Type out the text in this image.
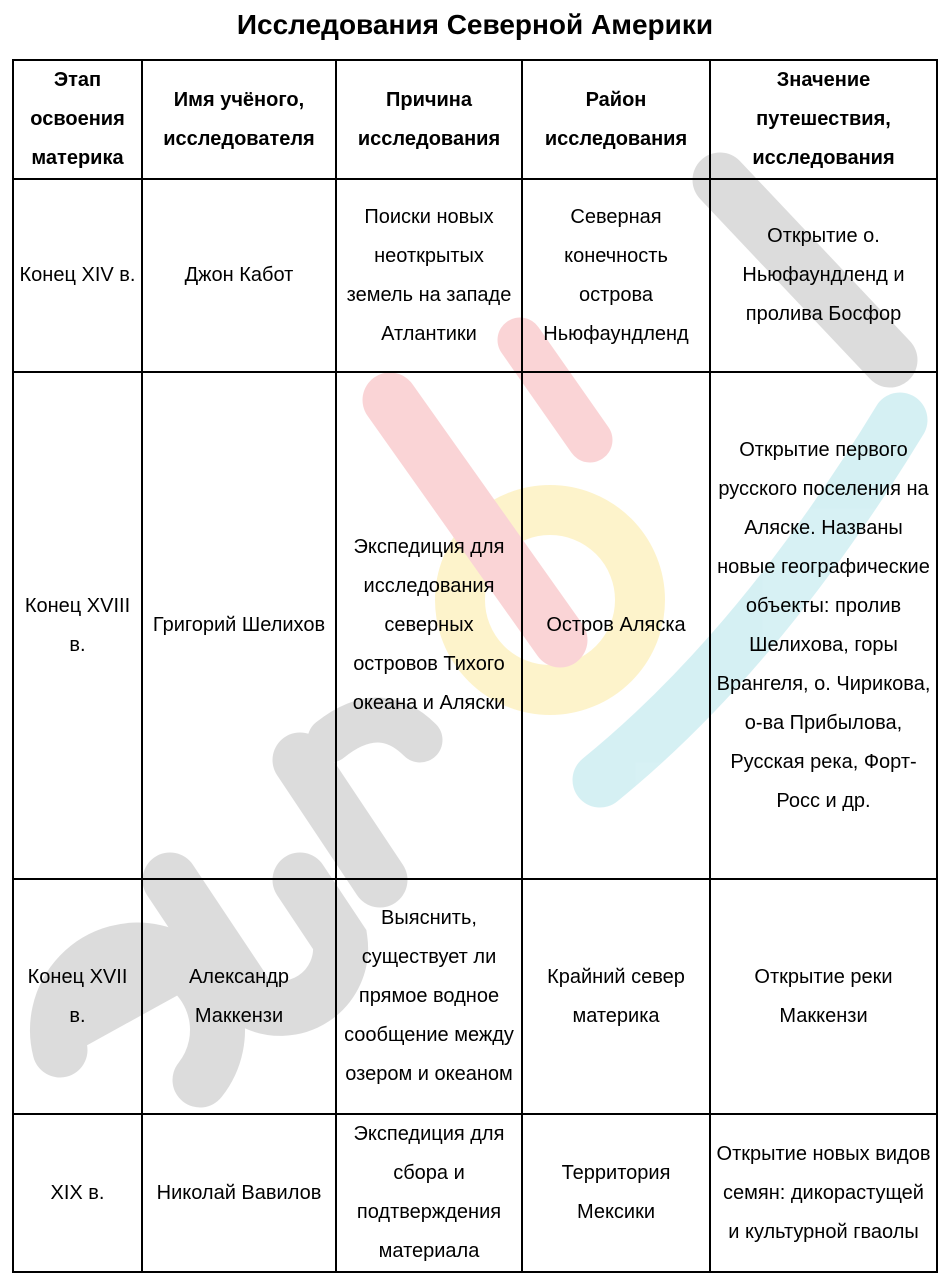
Исследования Северной Америки
Этап освоения материка	Имя учёного, исследователя	Причина исследования	Район исследования	Значение путешествия, исследования
Конец XIV в.	Джон Кабот	Поиски новых неоткрытых земель на западе Атлантики	Северная конечность острова Ньюфаундленд	Открытие о. Ньюфаундленд и пролива Босфор
Конец XVIII в.	Григорий Шелихов	Экспедиция для исследования северных островов Тихого океана и Аляски	Остров Аляска	Открытие первого русского поселения на Аляске. Названы новые географические объекты: пролив Шелихова, горы Врангеля, о. Чирикова, о-ва Прибылова, Русская река, Форт-Росс и др.
Конец XVII в.	Александр Маккензи	Выяснить, существует ли прямое водное сообщение между озером и океаном	Крайний север материка	Открытие реки Маккензи
XIX в.	Николай Вавилов	Экспедиция для сбора и подтверждения материала	Территория Мексики	Открытие новых видов семян: дикорастущей и культурной гваолы
